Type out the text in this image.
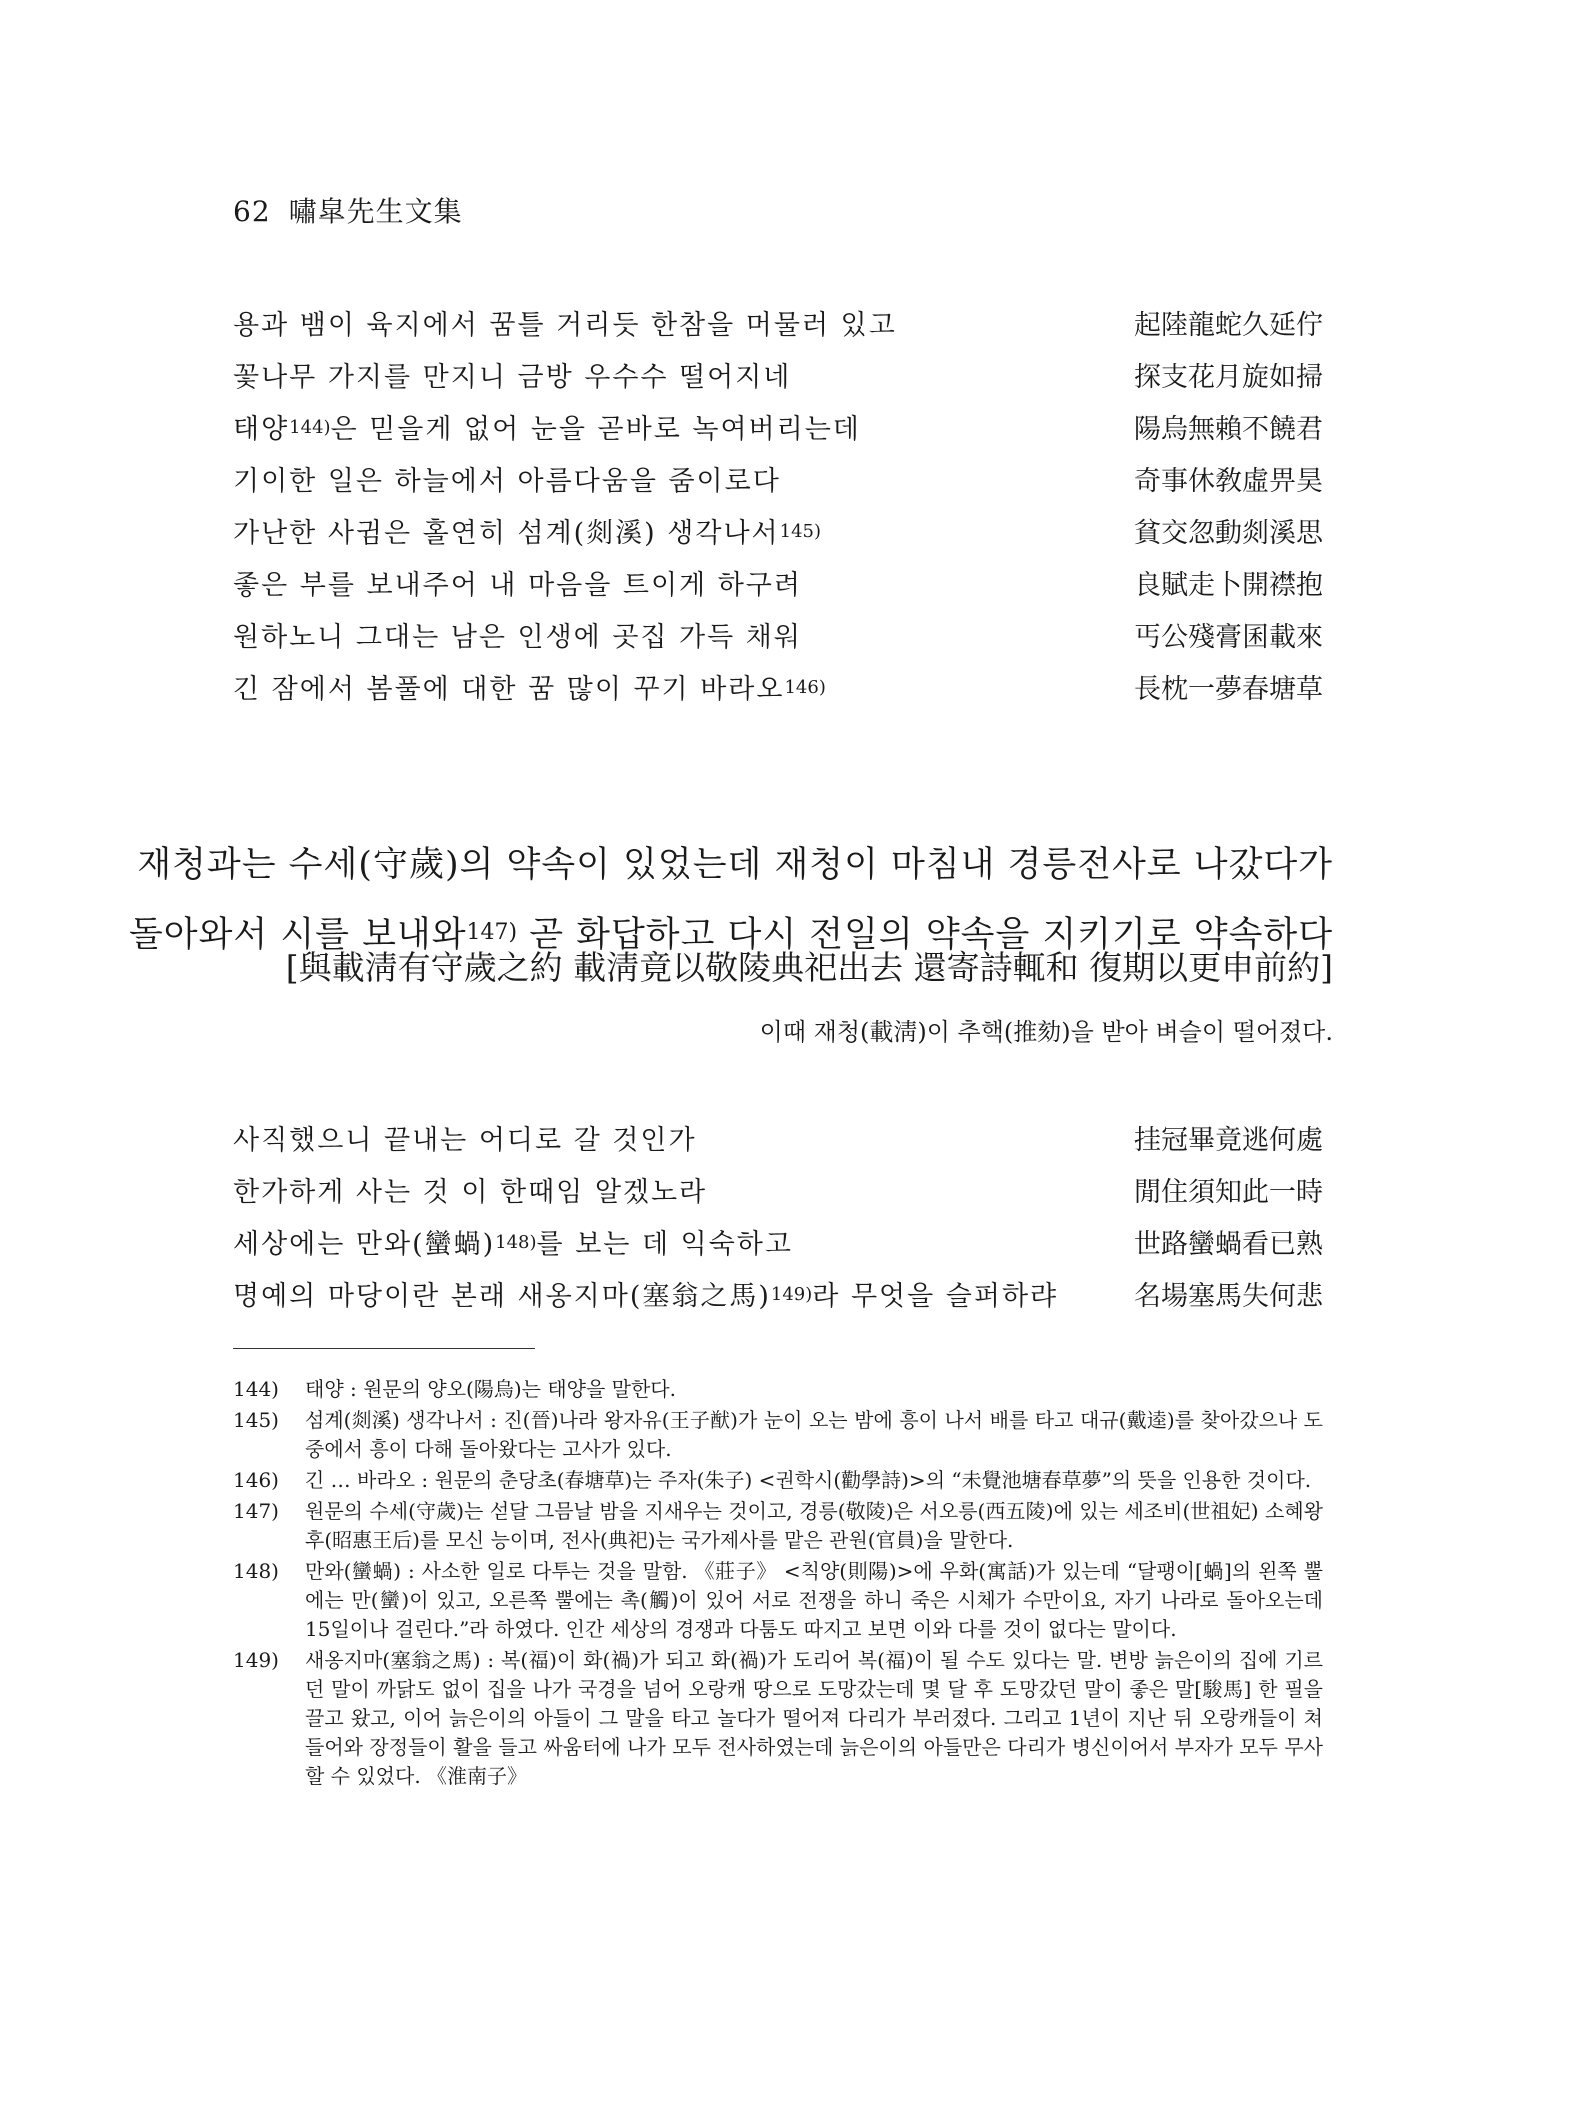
62 嘯皐先生文集
용과 뱀이 육지에서 꿈틀 거리듯 한참을 머물러 있고	起陸龍蛇久延佇
꽃나무 가지를 만지니 금방 우수수 떨어지네	探支花月旋如掃
태양$^{144)}$은 믿을게 없어 눈을 곧바로 녹여버리는데	陽烏無賴不饒君
기이한 일은 하늘에서 아름다움을 줌이로다	奇事休敎虛畀昊
가난한 사귐은 홀연히 섬계(剡溪) 생각나서$^{145)}$	貧交忽動剡溪思
좋은 부를 보내주어 내 마음을 트이게 하구려	良賦走卜開襟抱
원하노니 그대는 남은 인생에 곳집 가득 채워	丐公殘膏囷載來
긴 잠에서 봄풀에 대한 꿈 많이 꾸기 바라오$^{146)}$	長枕一夢春塘草
재청과는 수세(守歲)의 약속이 있었는데 재청이 마침내 경릉전사로 나갔다가
돌아와서 시를 보내와$^{147)}$ 곧 화답하고 다시 전일의 약속을 지키기로 약속하다
[與載淸有守歲之約 載淸竟以敬陵典祀出去 還寄詩輒和 復期以更申前約]
이때 재청(載淸)이 추핵(推劾)을 받아 벼슬이 떨어졌다.
사직했으니 끝내는 어디로 갈 것인가	挂冠畢竟逃何處
한가하게 사는 것 이 한때임 알겠노라	閒住須知此一時
세상에는 만와(蠻蝸)$^{148)}$를 보는 데 익숙하고	世路蠻蝸看已熟
명예의 마당이란 본래 새옹지마(塞翁之馬)$^{149)}$라 무엇을 슬퍼하랴	名場塞馬失何悲
144) 태양 : 원문의 양오(陽烏)는 태양을 말한다.
145) 섬계(剡溪) 생각나서 : 진(晉)나라 왕자유(王子猷)가 눈이 오는 밤에 흥이 나서 배를 타고 대규(戴逵)를 찾아갔으나 도중에서 흥이 다해 돌아왔다는 고사가 있다.
146) 긴 … 바라오 : 원문의 춘당초(春塘草)는 주자(朱子) <권학시(勸學詩)>의 “未覺池塘春草夢”의 뜻을 인용한 것이다.
147) 원문의 수세(守歲)는 섣달 그믐날 밤을 지새우는 것이고, 경릉(敬陵)은 서오릉(西五陵)에 있는 세조비(世祖妃) 소혜왕후(昭惠王后)를 모신 능이며, 전사(典祀)는 국가제사를 맡은 관원(官員)을 말한다.
148) 만와(蠻蝸) : 사소한 일로 다투는 것을 말함. 《莊子》 <칙양(則陽)>에 우화(寓話)가 있는데 “달팽이[蝸]의 왼쪽 뿔에는 만(蠻)이 있고, 오른쪽 뿔에는 촉(觸)이 있어 서로 전쟁을 하니 죽은 시체가 수만이요, 자기 나라로 돌아오는데 15일이나 걸린다.”라 하였다. 인간 세상의 경쟁과 다툼도 따지고 보면 이와 다를 것이 없다는 말이다.
149) 새옹지마(塞翁之馬) : 복(福)이 화(禍)가 되고 화(禍)가 도리어 복(福)이 될 수도 있다는 말. 변방 늙은이의 집에 기르던 말이 까닭도 없이 집을 나가 국경을 넘어 오랑캐 땅으로 도망갔는데 몇 달 후 도망갔던 말이 좋은 말[駿馬] 한 필을 끌고 왔고, 이어 늙은이의 아들이 그 말을 타고 놀다가 떨어져 다리가 부러졌다. 그리고 1년이 지난 뒤 오랑캐들이 쳐들어와 장정들이 활을 들고 싸움터에 나가 모두 전사하였는데 늙은이의 아들만은 다리가 병신이어서 부자가 모두 무사할 수 있었다. 《淮南子》
